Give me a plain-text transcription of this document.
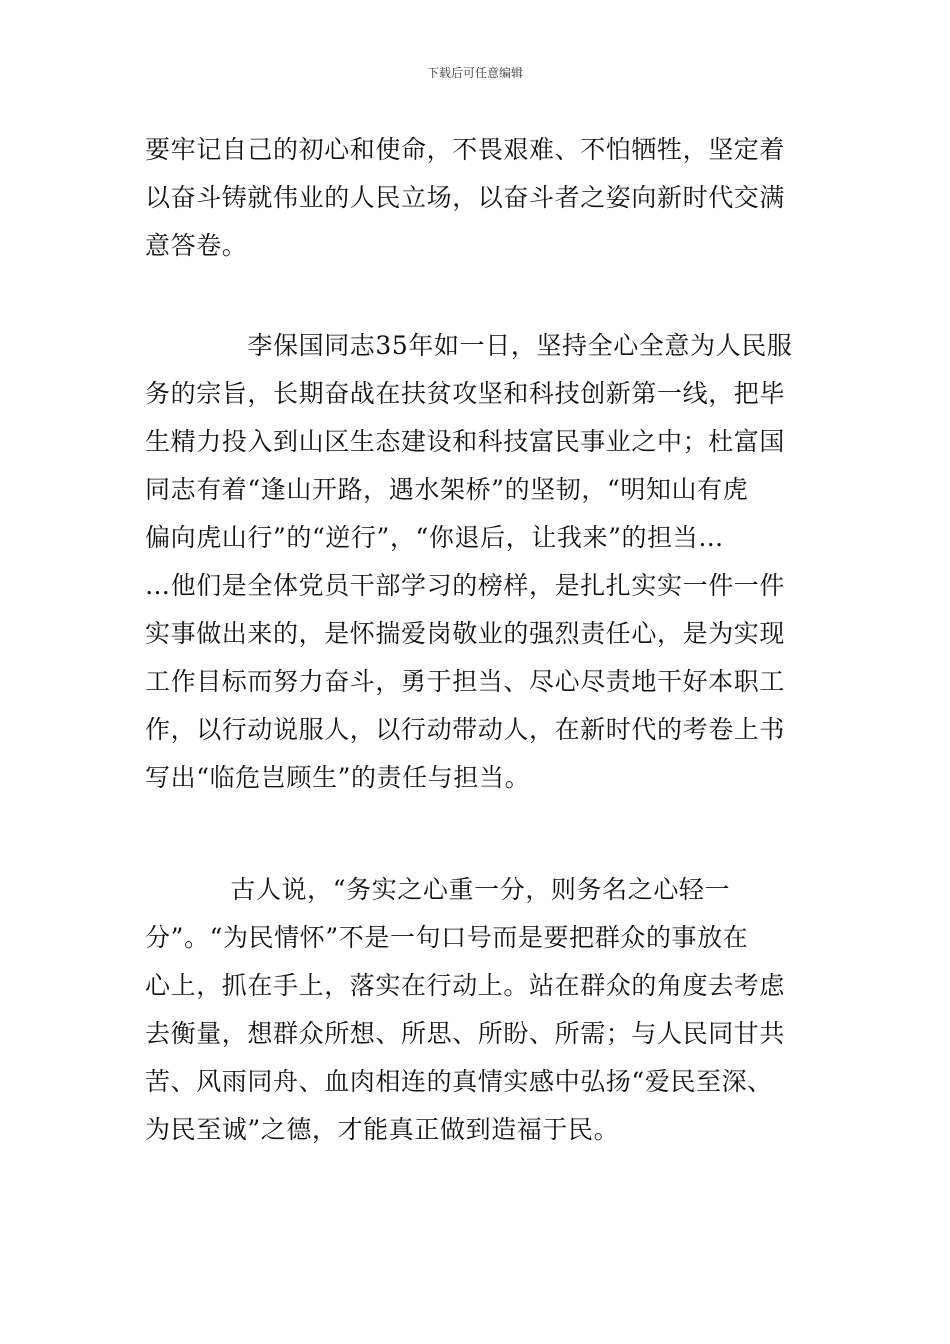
下载后可任意编辑
要牢记自己的初心和使命，不畏艰难、不怕牺牲，坚定着
以奋斗铸就伟业的人民立场，以奋斗者之姿向新时代交满
意答卷。
　　　　李保国同志35年如一日，坚持全心全意为人民服
务的宗旨，长期奋战在扶贫攻坚和科技创新第一线，把毕
生精力投入到山区生态建设和科技富民事业之中；杜富国
同志有着“逢山开路，遇水架桥”的坚韧，“明知山有虎
偏向虎山行”的“逆行”，“你退后，让我来”的担当…
…他们是全体党员干部学习的榜样，是扎扎实实一件一件
实事做出来的，是怀揣爱岗敬业的强烈责任心，是为实现
工作目标而努力奋斗，勇于担当、尽心尽责地干好本职工
作，以行动说服人，以行动带动人，在新时代的考卷上书
写出“临危岂顾生”的责任与担当。
　　　 古人说，“务实之心重一分，则务名之心轻一
分”。“为民情怀”不是一句口号而是要把群众的事放在
心上，抓在手上，落实在行动上。站在群众的角度去考虑
去衡量，想群众所想、所思、所盼、所需；与人民同甘共
苦、风雨同舟、血肉相连的真情实感中弘扬“爱民至深、
为民至诚”之德，才能真正做到造福于民。
